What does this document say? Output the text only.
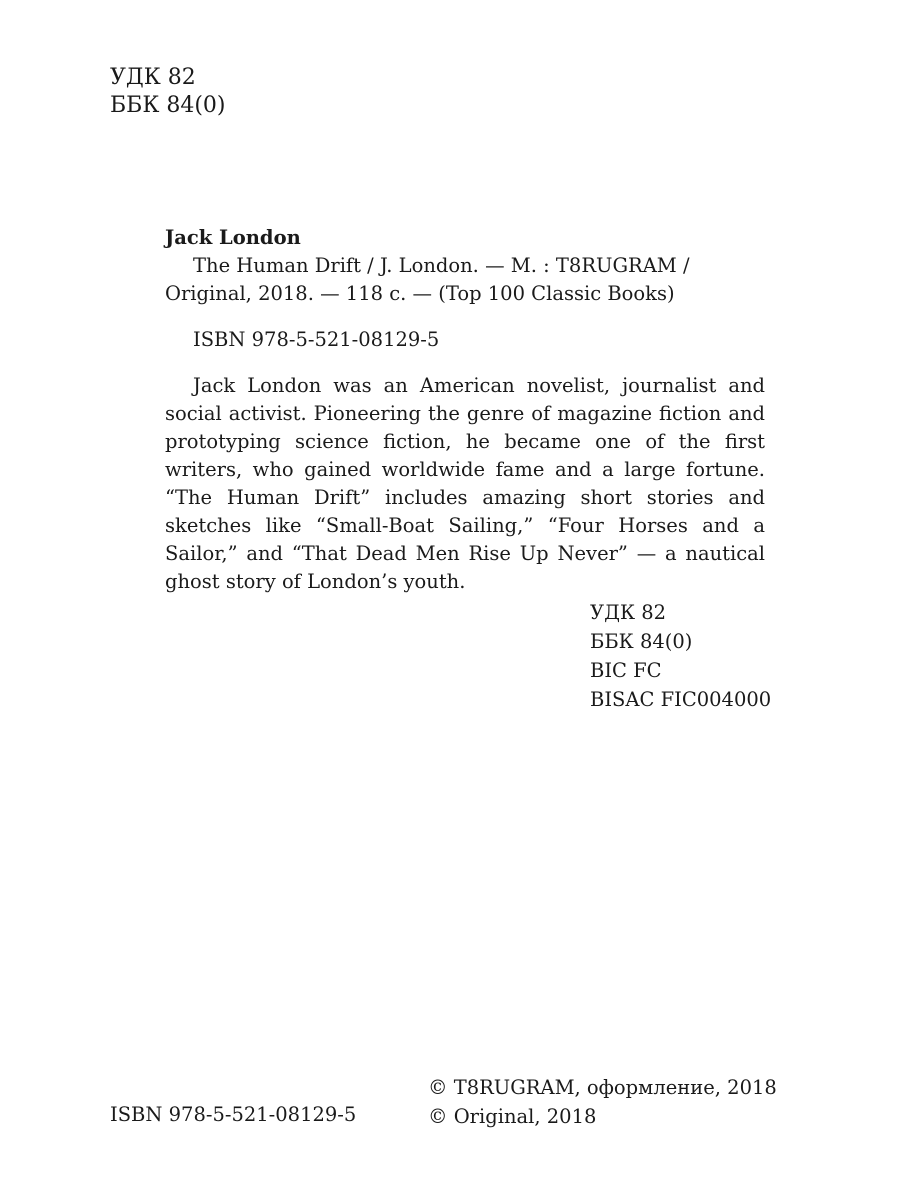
УДК 82
ББК 84(0)

Jack London

The Human Drift / J. London. — M. : T8RUGRAM / Original, 2018. — 118 с. — (Top 100 Classic Books)

ISBN 978-5-521-08129-5

Jack London was an American novelist, journalist and social activist. Pioneering the genre of magazine fiction and prototyping science fiction, he became one of the first writers, who gained worldwide fame and a large fortune. “The Human Drift” includes amazing short stories and sketches like “Small-Boat Sailing,” “Four Horses and a Sailor,” and “That Dead Men Rise Up Never” — a nautical ghost story of London’s youth.

УДК 82
ББК 84(0)
BIC FC
BISAC FIC004000
ISBN 978-5-521-08129-5
© T8RUGRAM, оформление, 2018
© Original, 2018
